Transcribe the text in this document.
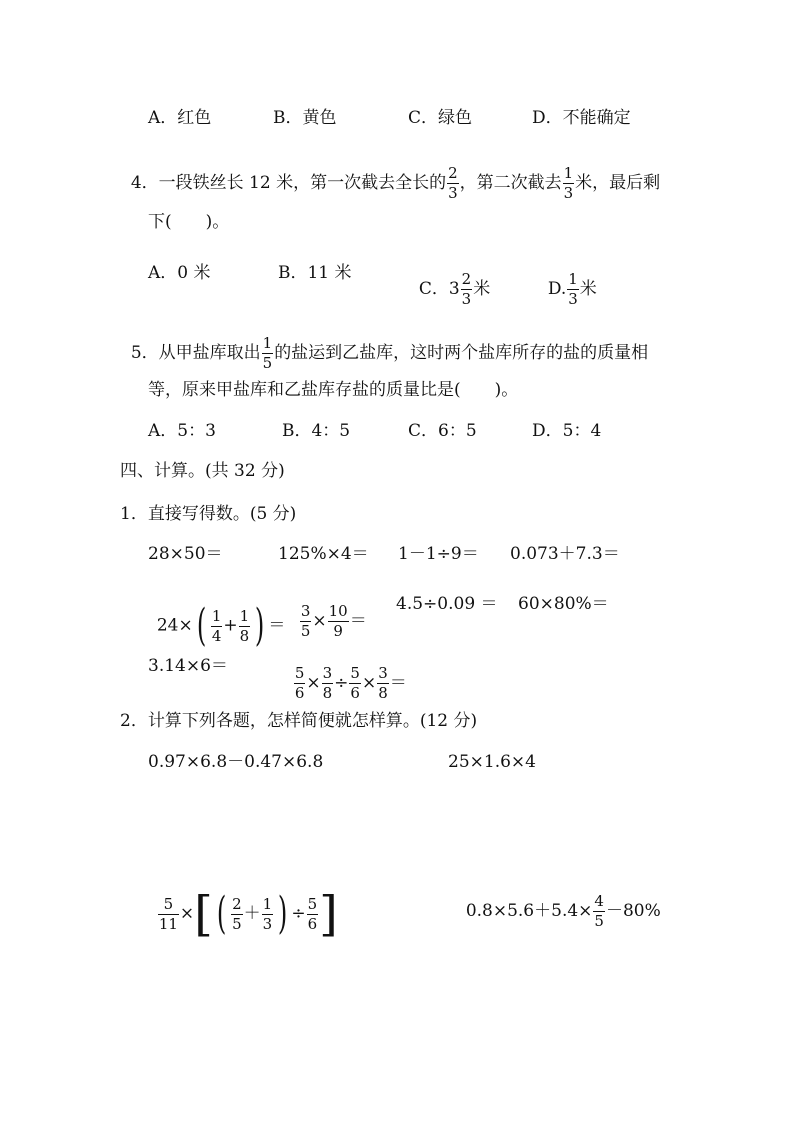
A．红色	B．黄色	C．绿色	D．不能确定

4．一段铁丝长 12 米，第一次截去全长的 $\frac{2}{3}$ ，第二次截去 $\frac{1}{3}$ 米，最后剩

下(　　)。
A．0 米	B．11 米

C．$3 \frac{2}{3}$ 米	D. $\frac{1}{3}$ 米

5．从甲盐库取出 $\frac{1}{5}$ 的盐运到乙盐库，这时两个盐库所存的盐的质量相

等，原来甲盐库和乙盐库存盐的质量比是(　　)。
A．5：3	B．4：5	C．6：5	D．5：4
四、计算。(共 32 分)
1．直接写得数。(5 分)
28×50＝	125%×4＝ 1－1÷9＝ 0.073＋7.3＝

$24\times( \frac{1}{4} + \frac{1}{8}$ ) ＝

$\frac{3}{5} \times \frac{10}{9}$ ＝

4.5÷0.09 ＝ 60×80%＝
3.14×6＝

	$\frac{5}{6} \times \frac{3}{8} \div \frac{5}{6} \times \frac{3}{8}$ ＝

2．计算下列各题，怎样简便就怎样算。(12 分)
0.97×6.8－0.47×6.8	25×1.6×4

$\frac{5}{11}$ ×[( $\frac{2}{5} + \frac{1}{3}$ ) ÷ $\frac{5}{6}$ ]	$0.8\times 5.6+5.4\times \frac{4}{5} -80\%$
